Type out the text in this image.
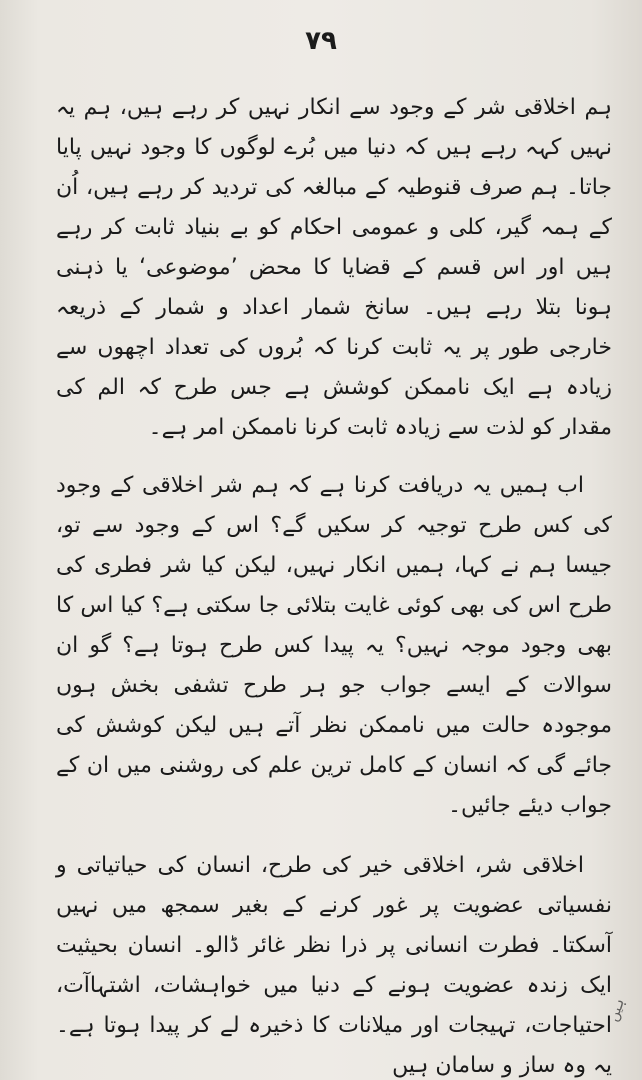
٧٩

ہم اخلاقی شر کے وجود سے انکار نہیں کر رہے ہیں، ہم یہ نہیں کہہ رہے ہیں کہ دنیا میں بُرے لوگوں کا وجود نہیں پایا جاتا۔ ہم صرف قنوطیہ کے مبالغہ کی تردید کر رہے ہیں، اُن کے ہمہ گیر، کلی و عمومی احکام کو بے بنیاد ثابت کر رہے ہیں اور اس قسم کے قضایا کا محض ’موضوعی‘ یا ذہنی ہونا بتلا رہے ہیں۔ سانخ شمار اعداد و شمار کے ذریعہ خارجی طور پر یہ ثابت کرنا کہ بُروں کی تعداد اچھوں سے زیادہ ہے ایک ناممکن کوشش ہے جس طرح کہ الم کی مقدار کو لذت سے زیادہ ثابت کرنا ناممکن امر ہے۔

اب ہمیں یہ دریافت کرنا ہے کہ ہم شر اخلاقی کے وجود کی کس طرح توجیہ کر سکیں گے؟ اس کے وجود سے تو، جیسا ہم نے کہا، ہمیں انکار نہیں، لیکن کیا شر فطری کی طرح اس کی بھی کوئی غایت بتلائی جا سکتی ہے؟ کیا اس کا بھی وجود موجہ نہیں؟ یہ پیدا کس طرح ہوتا ہے؟ گو ان سوالات کے ایسے جواب جو ہر طرح تشفی بخش ہوں موجودہ حالت میں ناممکن نظر آتے ہیں لیکن کوشش کی جائے گی کہ انسان کے کامل ترین علم کی روشنی میں ان کے جواب دیئے جائیں۔

اخلاقی شر، اخلاقی خیر کی طرح، انسان کی حیاتیاتی و نفسیاتی عضویت پر غور کرنے کے بغیر سمجھ میں نہیں آسکتا۔ فطرت انسانی پر ذرا نظر غائر ڈالو۔ انسان بحیثیت ایک زندہ عضویت ہونے کے دنیا میں خواہشات، اشتہاآت، احتیاجات، تہیجات اور میلانات کا ذخیرہ لے کر پیدا ہوتا ہے۔ یہ وہ ساز و سامان ہیں

ہیں
